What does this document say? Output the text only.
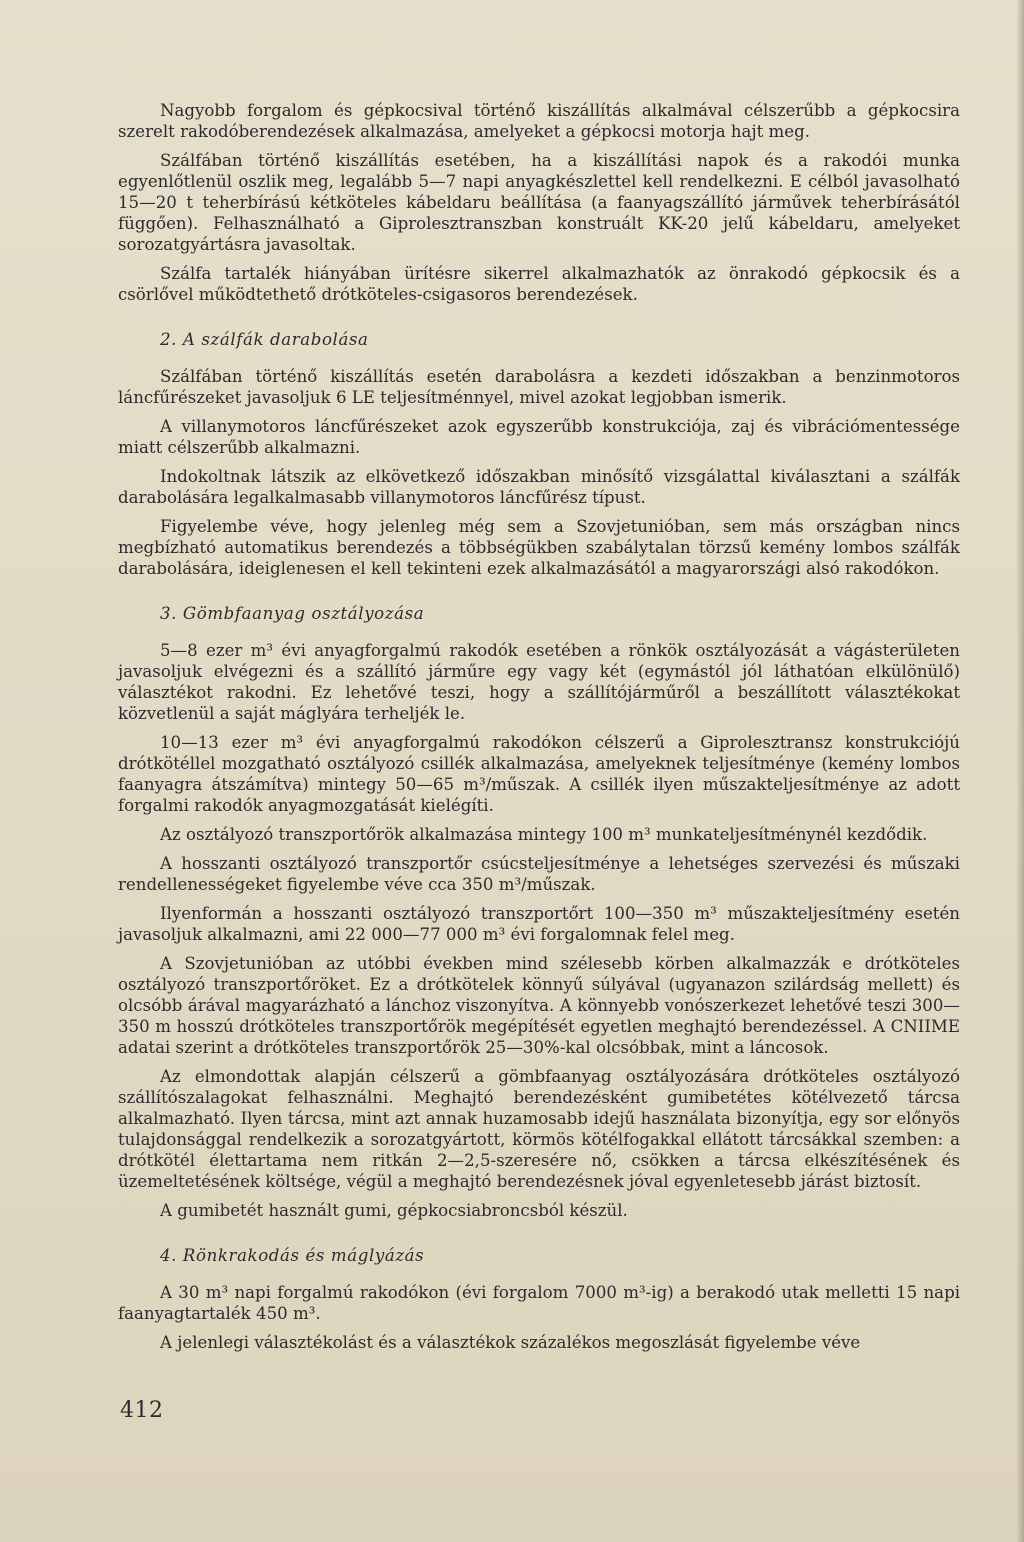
Nagyobb forgalom és gépkocsival történő kiszállítás alkalmával célszerűbb a gépkocsira szerelt rakodóberendezések alkalmazása, amelyeket a gépkocsi motorja hajt meg.

Szálfában történő kiszállítás esetében, ha a kiszállítási napok és a rakodói munka egyenlőtlenül oszlik meg, legalább 5—7 napi anyagkészlettel kell rendelkezni. E célból javasolható 15—20 t teherbírású kétköteles kábeldaru beállítása (a faanyagszállító járművek teherbírásától függően). Felhasználható a Giprolesztranszban konstruált KK-20 jelű kábeldaru, amelyeket sorozatgyártásra javasoltak.

Szálfa tartalék hiányában ürítésre sikerrel alkalmazhatók az önrakodó gépkocsik és a csörlővel működtethető drótköteles-csigasoros berendezések.

2. A szálfák darabolása

Szálfában történő kiszállítás esetén darabolásra a kezdeti időszakban a benzinmotoros láncfűrészeket javasoljuk 6 LE teljesítménnyel, mivel azokat legjobban ismerik.

A villanymotoros láncfűrészeket azok egyszerűbb konstrukciója, zaj és vibrációmentessége miatt célszerűbb alkalmazni.

Indokoltnak látszik az elkövetkező időszakban minősítő vizsgálattal kiválasztani a szálfák darabolására legalkalmasabb villanymotoros láncfűrész típust.

Figyelembe véve, hogy jelenleg még sem a Szovjetunióban, sem más országban nincs megbízható automatikus berendezés a többségükben szabálytalan törzsű kemény lombos szálfák darabolására, ideiglenesen el kell tekinteni ezek alkalmazásától a magyarországi alsó rakodókon.

3. Gömbfaanyag osztályozása

5—8 ezer m³ évi anyagforgalmú rakodók esetében a rönkök osztályozását a vágásterületen javasoljuk elvégezni és a szállító járműre egy vagy két (egymástól jól láthatóan elkülönülő) választékot rakodni. Ez lehetővé teszi, hogy a szállítójárműről a beszállított választékokat közvetlenül a saját máglyára terheljék le.

10—13 ezer m³ évi anyagforgalmú rakodókon célszerű a Giprolesztransz konstrukciójú drótkötéllel mozgatható osztályozó csillék alkalmazása, amelyeknek teljesítménye (kemény lombos faanyagra átszámítva) mintegy 50—65 m³/műszak. A csillék ilyen műszakteljesítménye az adott forgalmi rakodók anyagmozgatását kielégíti.

Az osztályozó transzportőrök alkalmazása mintegy 100 m³ munkateljesítménynél kezdődik.

A hosszanti osztályozó transzportőr csúcsteljesítménye a lehetséges szervezési és műszaki rendellenességeket figyelembe véve cca 350 m³/műszak.

Ilyenformán a hosszanti osztályozó transzportőrt 100—350 m³ műszakteljesítmény esetén javasoljuk alkalmazni, ami 22 000—77 000 m³ évi forgalomnak felel meg.

A Szovjetunióban az utóbbi években mind szélesebb körben alkalmazzák e drótköteles osztályozó transzportőröket. Ez a drótkötelek könnyű súlyával (ugyanazon szilárdság mellett) és olcsóbb árával magyarázható a lánchoz viszonyítva. A könnyebb vonószerkezet lehetővé teszi 300—350 m hosszú drótköteles transzportőrök megépítését egyetlen meghajtó berendezéssel. A CNIIME adatai szerint a drótköteles transzportőrök 25—30%-kal olcsóbbak, mint a láncosok.

Az elmondottak alapján célszerű a gömbfaanyag osztályozására drótköteles osztályozó szállítószalagokat felhasználni. Meghajtó berendezésként gumibetétes kötélvezető tárcsa alkalmazható. Ilyen tárcsa, mint azt annak huzamosabb idejű használata bizonyítja, egy sor előnyös tulajdonsággal rendelkezik a sorozatgyártott, körmös kötélfogakkal ellátott tárcsákkal szemben: a drótkötél élettartama nem ritkán 2—2,5-szeresére nő, csökken a tárcsa elkészítésének és üzemeltetésének költsége, végül a meghajtó berendezésnek jóval egyenletesebb járást biztosít.

A gumibetét használt gumi, gépkocsiabroncsból készül.

4. Rönkrakodás és máglyázás

A 30 m³ napi forgalmú rakodókon (évi forgalom 7000 m³-ig) a berakodó utak melletti 15 napi faanyagtartalék 450 m³.

A jelenlegi választékolást és a választékok százalékos megoszlását figyelembe véve

412
